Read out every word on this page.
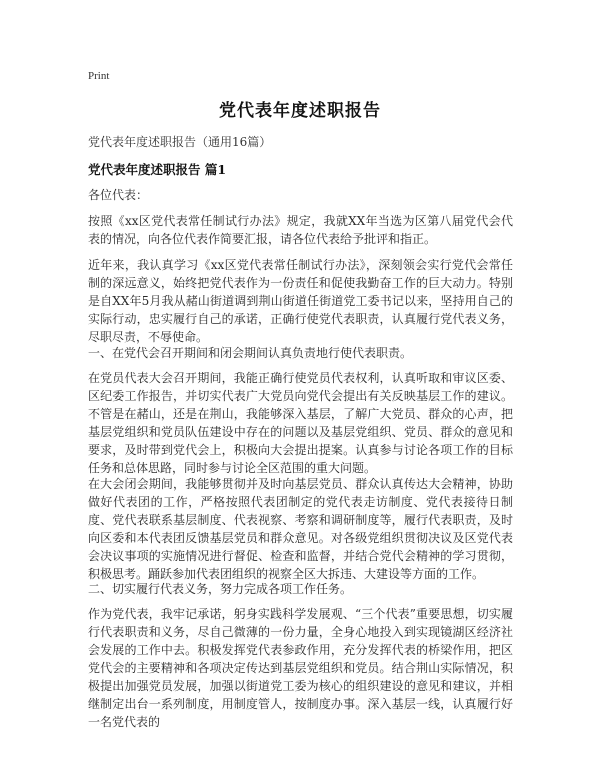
Print
党代表年度述职报告
党代表年度述职报告（通用16篇）
党代表年度述职报告 篇1
各位代表：
按照《xx区党代表常任制试行办法》规定，我就XX年当选为区第八届党代会代表的情况，向各位代表作简要汇报，请各位代表给予批评和指正。
近年来，我认真学习《xx区党代表常任制试行办法》，深刻领会实行党代会常任制的深远意义，始终把党代表作为一份责任和促使我勤奋工作的巨大动力。特别是自XX年5月我从赭山街道调到荆山街道任街道党工委书记以来，坚持用自己的实际行动，忠实履行自己的承诺，正确行使党代表职责，认真履行党代表义务，尽职尽责，不辱使命。
一、在党代会召开期间和闭会期间认真负责地行使代表职责。
在党员代表大会召开期间，我能正确行使党员代表权利，认真听取和审议区委、区纪委工作报告，并切实代表广大党员向党代会提出有关反映基层工作的建议。不管是在赭山，还是在荆山，我能够深入基层，了解广大党员、群众的心声，把基层党组织和党员队伍建设中存在的问题以及基层党组织、党员、群众的意见和要求，及时带到党代会上，积极向大会提出提案。认真参与讨论各项工作的目标任务和总体思路，同时参与讨论全区范围的重大问题。
在大会闭会期间，我能够贯彻并及时向基层党员、群众认真传达大会精神，协助做好代表团的工作，严格按照代表团制定的党代表走访制度、党代表接待日制度、党代表联系基层制度、代表视察、考察和调研制度等，履行代表职责，及时向区委和本代表团反馈基层党员和群众意见。对各级党组织贯彻决议及区党代表会决议事项的实施情况进行督促、检查和监督，并结合党代会精神的学习贯彻，积极思考。踊跃参加代表团组织的视察全区大拆违、大建设等方面的工作。
二、切实履行代表义务，努力完成各项工作任务。
作为党代表，我牢记承诺，躬身实践科学发展观、“三个代表”重要思想，切实履行代表职责和义务，尽自己微薄的一份力量，全身心地投入到实现镜湖区经济社会发展的工作中去。积极发挥党代表参政作用，充分发挥代表的桥梁作用，把区党代会的主要精神和各项决定传达到基层党组织和党员。结合荆山实际情况，积极提出加强党员发展，加强以街道党工委为核心的组织建设的意见和建议，并相继制定出台一系列制度，用制度管人，按制度办事。深入基层一线，认真履行好一名党代表的
